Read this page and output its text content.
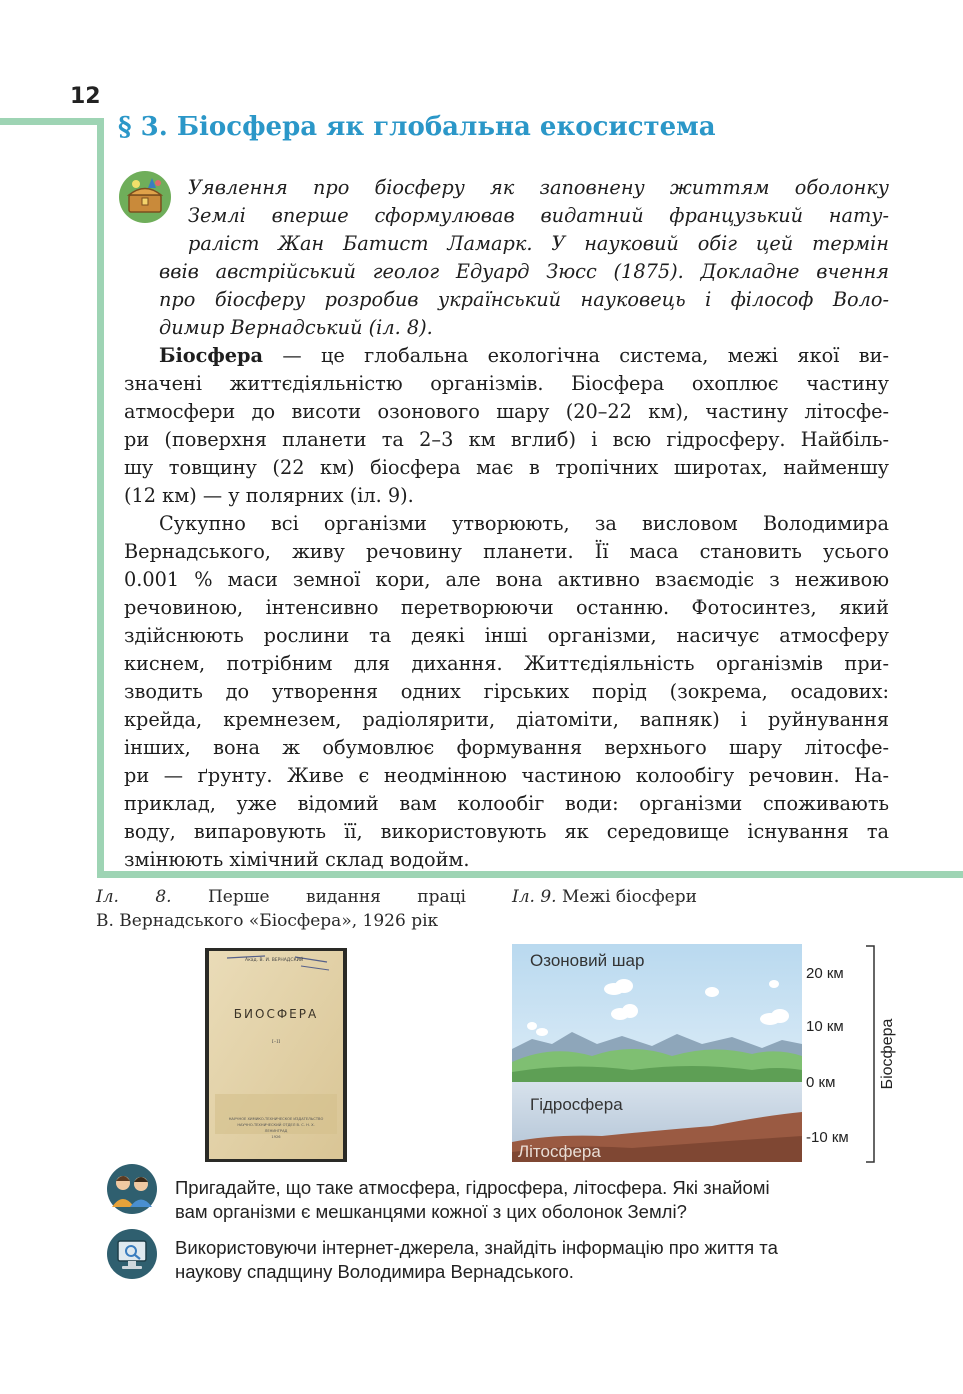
12
§ 3. Біосфера як глобальна екосистема
Уявлення про біосферу як заповнену життям оболонку
Землі вперше сформулював видатний французький нату-
раліст Жан Батист Ламарк. У науковий обіг цей термін
ввів австрійський геолог Едуард Зюсс (1875). Докладне вчення
про біосферу розробив український науковець і філософ Воло-
димир Вернадський (іл. 8).
Біосфера — це глобальна екологічна система, межі якої ви-
значені життєдіяльністю організмів. Біосфера охоплює частину
атмосфери до висоти озонового шару (20–22 км), частину літосфе-
ри (поверхня планети та 2–3 км вглиб) і всю гідросферу. Найбіль-
шу товщину (22 км) біосфера має в тропічних широтах, найменшу
(12 км) — у полярних (іл. 9).
Сукупно всі організми утворюють, за висловом Володимира
Вернадського, живу речовину планети. Її маса становить усього
0.001 % маси земної кори, але вона активно взаємодіє з неживою
речовиною, інтенсивно перетворюючи останню. Фотосинтез, який
здійснюють рослини та деякі інші організми, насичує атмосферу
киснем, потрібним для дихання. Життєдіяльність організмів при-
зводить до утворення одних гірських порід (зокрема, осадових:
крейда, кремнезем, радіолярити, діатоміти, вапняк) і руйнування
інших, вона ж обумовлює формування верхнього шару літосфе-
ри — ґрунту. Живе є неодмінною частиною колообігу речовин. На-
приклад, уже відомий вам колообіг води: організми споживають
воду, випаровують її, використовують як середовище існування та
змінюють хімічний склад водойм.
Іл. 8. Перше видання праці
В. Вернадського «Біосфера», 1926 рік
Акад. В. И. ВЕРНАДСКИЙ
БИОСФЕРА
I–II
НАУЧНОЕ ХИМИКО-ТЕХНИЧЕСКОЕ ИЗДАТЕЛЬСТВО
НАУЧНО-ТЕХНИЧЕСКИЙ ОТДЕЛ В. С. Н. Х.
ЛЕНИНГРАД
1926
Іл. 9. Межі біосфери
Озоновий шар
Гідросфера
Літосфера
20 км
10 км
0 км
-10 км
Біосфера
Пригадайте, що таке атмосфера, гідросфера, літосфера. Які знайомі
вам організми є мешканцями кожної з цих оболонок Землі?
Використовуючи інтернет-джерела, знайдіть інформацію про життя та
наукову спадщину Володимира Вернадського.
